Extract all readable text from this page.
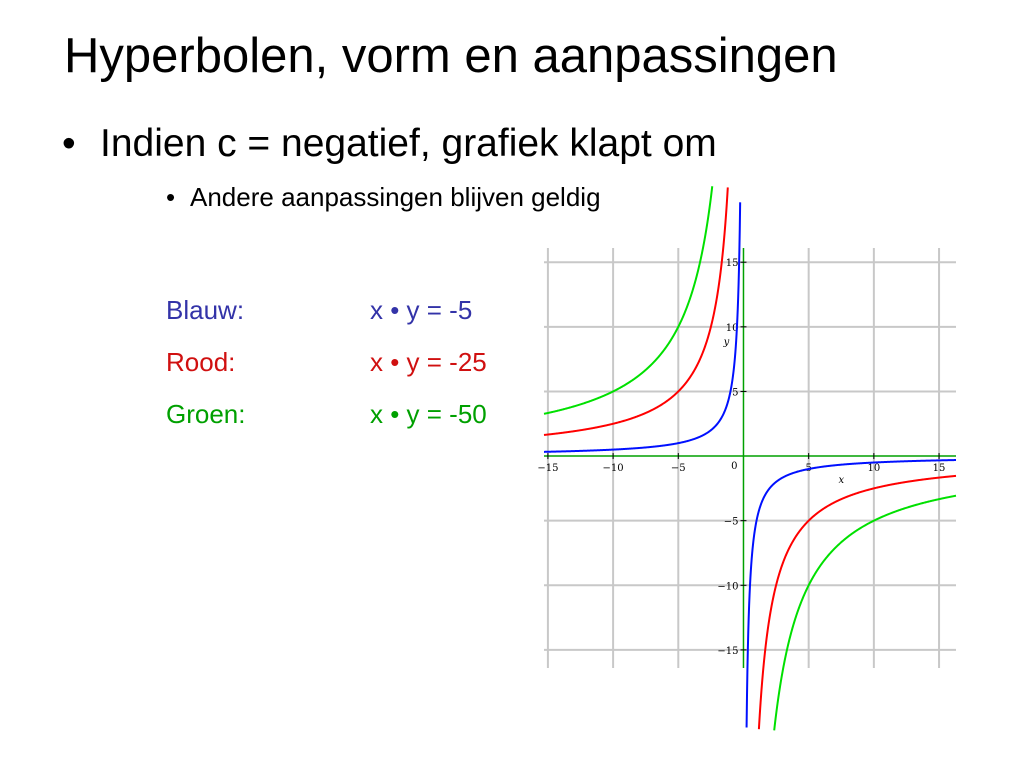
Hyperbolen, vorm en aanpassingen
• Indien c = negatief, grafiek klapt om
• Andere aanpassingen blijven geldig
Blauw:	x • y = -5
Rood:	x • y = -25
Groen:	x • y = -50
−15	−10	−5	5	10	15
−15
−10
−5
5
10
15
0
x
y
